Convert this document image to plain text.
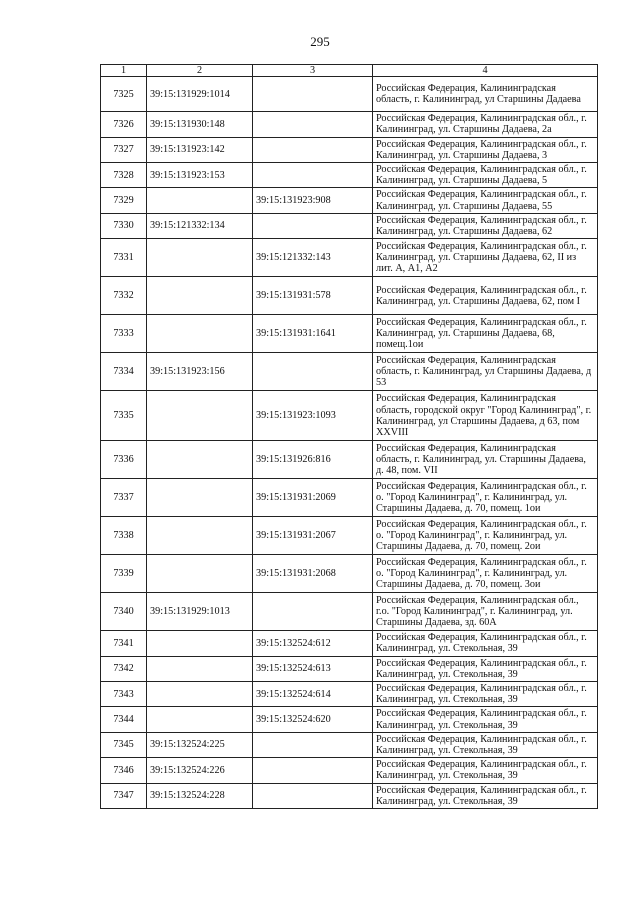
295
1	2	3	4
7325	39:15:131929:1014		Российская Федерация, Калининградская область, г. Калининград, ул Старшины Дадаева
7326	39:15:131930:148		Российская Федерация, Калининградская обл., г. Калининград, ул. Старшины Дадаева, 2а
7327	39:15:131923:142		Российская Федерация, Калининградская обл., г. Калининград, ул. Старшины Дадаева, 3
7328	39:15:131923:153		Российская Федерация, Калининградская обл., г. Калининград, ул. Старшины Дадаева, 5
7329		39:15:131923:908	Российская Федерация, Калининградская обл., г. Калининград, ул. Старшины Дадаева, 55
7330	39:15:121332:134		Российская Федерация, Калининградская обл., г. Калининград, ул. Старшины Дадаева, 62
7331		39:15:121332:143	Российская Федерация, Калининградская обл., г. Калининград, ул. Старшины Дадаева, 62, II из лит. А, А1, А2
7332		39:15:131931:578	Российская Федерация, Калининградская обл., г. Калининград, ул. Старшины Дадаева, 62, пом I
7333		39:15:131931:1641	Российская Федерация, Калининградская обл., г. Калининград, ул. Старшины Дадаева, 68, помещ.1ои
7334	39:15:131923:156		Российская Федерация, Калининградская область, г. Калининград, ул Старшины Дадаева, д 53
7335		39:15:131923:1093	Российская Федерация, Калининградская область, городской округ "Город Калининград", г. Калининград, ул Старшины Дадаева, д 63, пом XXVIII
7336		39:15:131926:816	Российская Федерация, Калининградская область, г. Калининград, ул. Старшины Дадаева, д. 48, пом. VII
7337		39:15:131931:2069	Российская Федерация, Калининградская обл., г. о. "Город Калининград", г. Калининград, ул. Старшины Дадаева, д. 70, помещ. 1ои
7338		39:15:131931:2067	Российская Федерация, Калининградская обл., г. о. "Город Калининград", г. Калининград, ул. Старшины Дадаева, д. 70, помещ. 2ои
7339		39:15:131931:2068	Российская Федерация, Калининградская обл., г. о. "Город Калининград", г. Калининград, ул. Старшины Дадаева, д. 70, помещ. 3ои
7340	39:15:131929:1013		Российская Федерация, Калининградская обл., г.о. "Город Калининград", г. Калининград, ул. Старшины Дадаева, зд. 60А
7341		39:15:132524:612	Российская Федерация, Калининградская обл., г. Калининград, ул. Стекольная, 39
7342		39:15:132524:613	Российская Федерация, Калининградская обл., г. Калининград, ул. Стекольная, 39
7343		39:15:132524:614	Российская Федерация, Калининградская обл., г. Калининград, ул. Стекольная, 39
7344		39:15:132524:620	Российская Федерация, Калининградская обл., г. Калининград, ул. Стекольная, 39
7345	39:15:132524:225		Российская Федерация, Калининградская обл., г. Калининград, ул. Стекольная, 39
7346	39:15:132524:226		Российская Федерация, Калининградская обл., г. Калининград, ул. Стекольная, 39
7347	39:15:132524:228		Российская Федерация, Калининградская обл., г. Калининград, ул. Стекольная, 39
